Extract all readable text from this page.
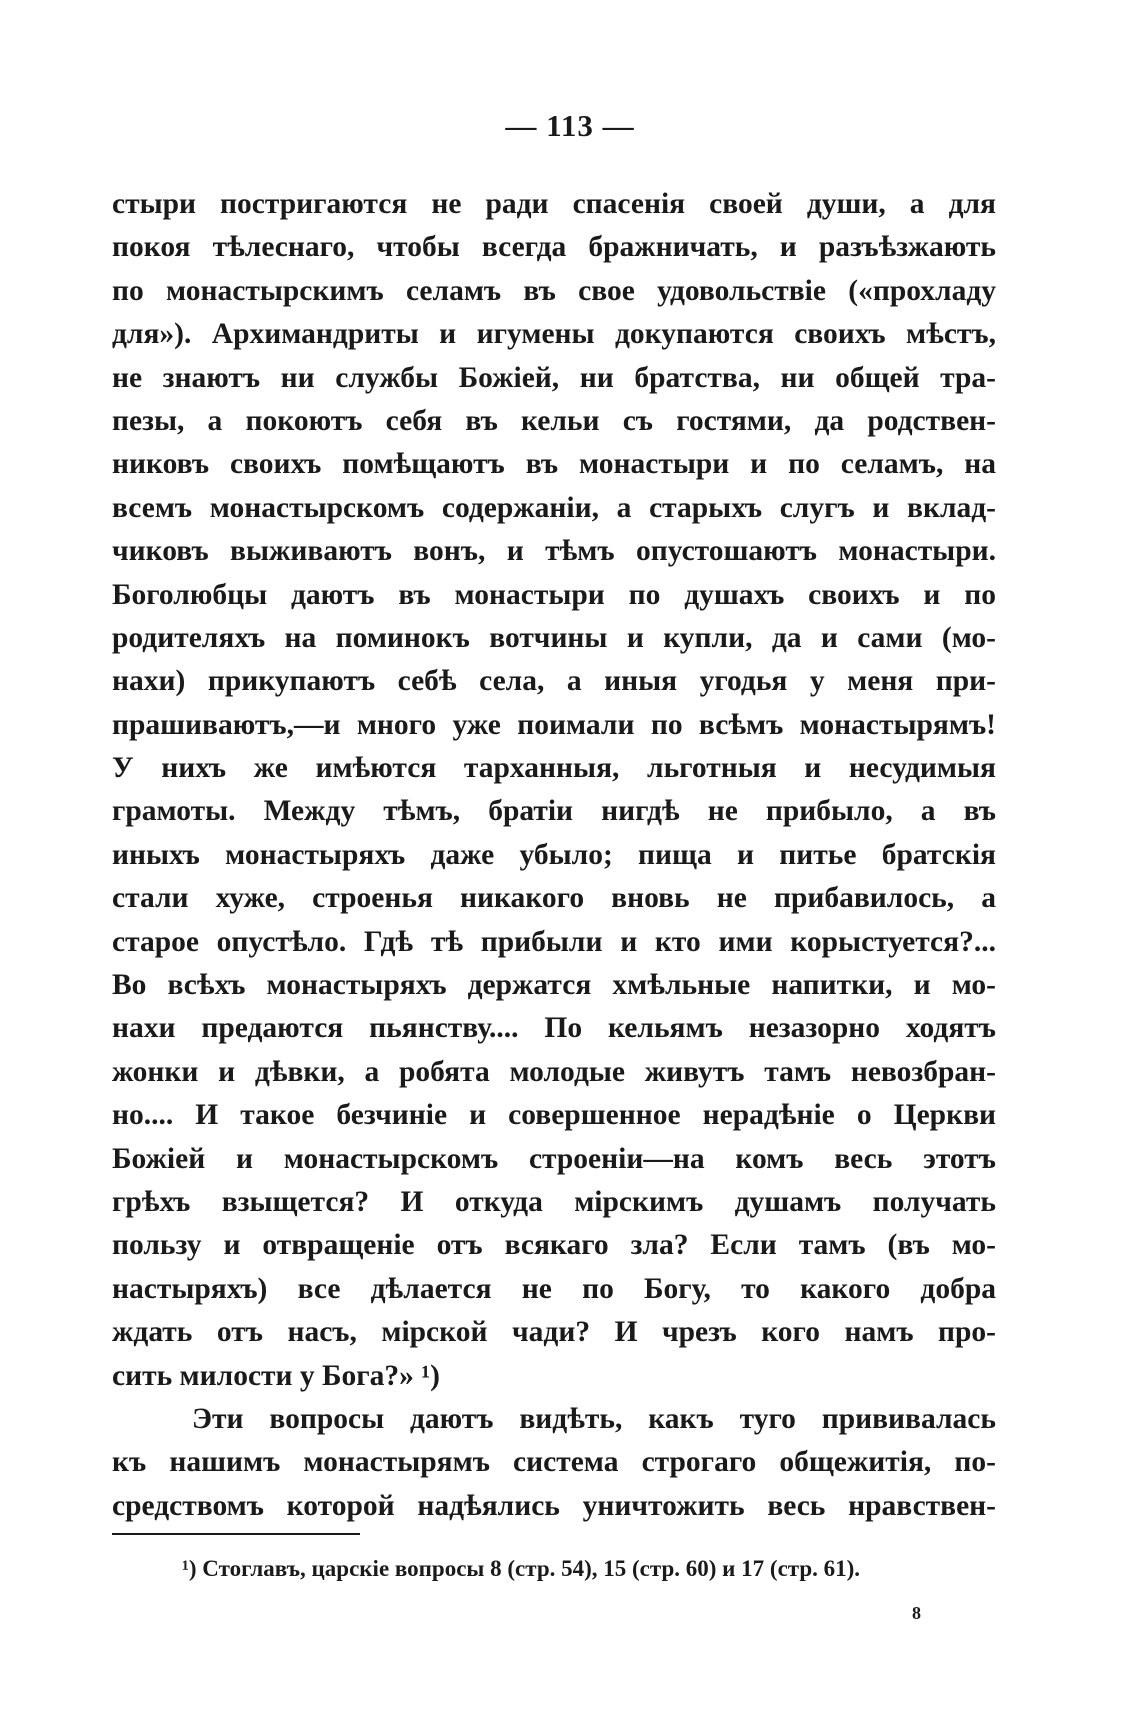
— 113 —
стыри постригаются не ради спасенія своей души, а для
покоя тѣлеснаго, чтобы всегда бражничать, и разъѣзжають
по монастырскимъ селамъ въ свое удовольствіе («прохладу
для»). Архимандриты и игумены докупаются своихъ мѣстъ,
не знаютъ ни службы Божіей, ни братства, ни общей тра-
пезы, а покоютъ себя въ кельи съ гостями, да родствен-
никовъ своихъ помѣщаютъ въ монастыри и по селамъ, на
всемъ монастырскомъ содержаніи, а старыхъ слугъ и вклад-
чиковъ выживаютъ вонъ, и тѣмъ опустошаютъ монастыри.
Боголюбцы даютъ въ монастыри по душахъ своихъ и по
родителяхъ на поминокъ вотчины и купли, да и сами (мо-
нахи) прикупаютъ себѣ села, а иныя угодья у меня при-
прашиваютъ,—и много уже поимали по всѣмъ монастырямъ!
У нихъ же имѣются тарханныя, льготныя и несудимыя
грамоты. Между тѣмъ, братіи нигдѣ не прибыло, а въ
иныхъ монастыряхъ даже убыло; пища и питье братскія
стали хуже, строенья никакого вновь не прибавилось, а
старое опустѣло. Гдѣ тѣ прибыли и кто ими корыстуется?...
Во всѣхъ монастыряхъ держатся хмѣльные напитки, и мо-
нахи предаются пьянству.... По кельямъ незазорно ходятъ
жонки и дѣвки, а робята молодые живутъ тамъ невозбран-
но.... И такое безчиніе и совершенное нерадѣніе о Церкви
Божіей и монастырскомъ строеніи—на комъ весь этотъ
грѣхъ взыщется? И откуда мірскимъ душамъ получать
пользу и отвращеніе отъ всякаго зла? Если тамъ (въ мо-
настыряхъ) все дѣлается не по Богу, то какого добра
ждать отъ насъ, мірской чади? И чрезъ кого намъ про-
сить милости у Бога?» ¹)
Эти вопросы даютъ видѣть, какъ туго прививалась
къ нашимъ монастырямъ система строгаго общежитія, по-
средствомъ которой надѣялись уничтожить весь нравствен-
¹) Стоглавъ, царскіе вопросы 8 (стр. 54), 15 (стр. 60) и 17 (стр. 61).
8
